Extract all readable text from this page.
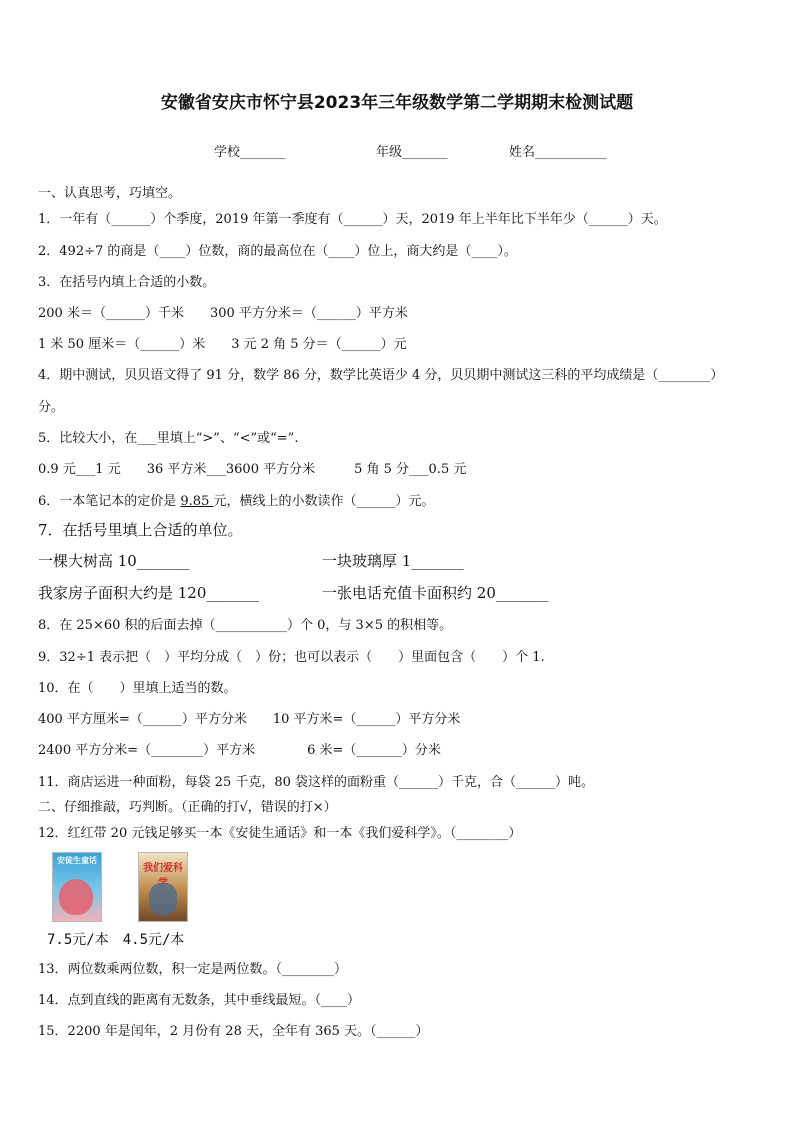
安徽省安庆市怀宁县2023年三年级数学第二学期期末检测试题
学校_______	年级_______	姓名___________
一、认真思考，巧填空。
1．一年有（______）个季度，2019 年第一季度有（______）天，2019 年上半年比下半年少（______）天。
2．492÷7 的商是（____）位数，商的最高位在（____）位上，商大约是（____）。
3．在括号内填上合适的小数。
200 米＝（______）千米　　300 平方分米＝（______）平方米
1 米 50 厘米＝（______）米　　3 元 2 角 5 分＝（______）元
4．期中测试，贝贝语文得了 91 分，数学 86 分，数学比英语少 4 分，贝贝期中测试这三科的平均成绩是（________）
分。
5．比较大小，在___里填上“>”、“<”或“=”.
0.9 元___1 元　　36 平方米___3600 平方分米　　　5 角 5 分___0.5 元
6．一本笔记本的定价是 9.85 元，横线上的小数读作（______）元。
7．在括号里填上合适的单位。
一棵大树高 10_______	一块玻璃厚 1_______
我家房子面积大约是 120_______	一张电话充值卡面积约 20_______
8．在 25×60 积的后面去掉（___________）个 0，与 3×5 的积相等。
9．32÷1 表示把（　）平均分成（　）份；也可以表示（　　）里面包含（　　）个 1.
10．在（　　）里填上适当的数。
400 平方厘米=（______）平方分米　　10 平方米=（______）平方分米
2400 平方分米=（________）平方米　　　　6 米=（_______）分米
11．商店运进一种面粉，每袋 25 千克，80 袋这样的面粉重（______）千克，合（______）吨。
二、仔细推敲，巧判断。（正确的打√，错误的打×）
12．红红带 20 元钱足够买一本《安徒生通话》和一本《我们爱科学》。（________）
安徒生童话
我们爱科
7.5元/本　4.5元/本
13．两位数乘两位数，积一定是两位数。（________）
14．点到直线的距离有无数条，其中垂线最短。（____）
15．2200 年是闰年，2 月份有 28 天，全年有 365 天。（______）
